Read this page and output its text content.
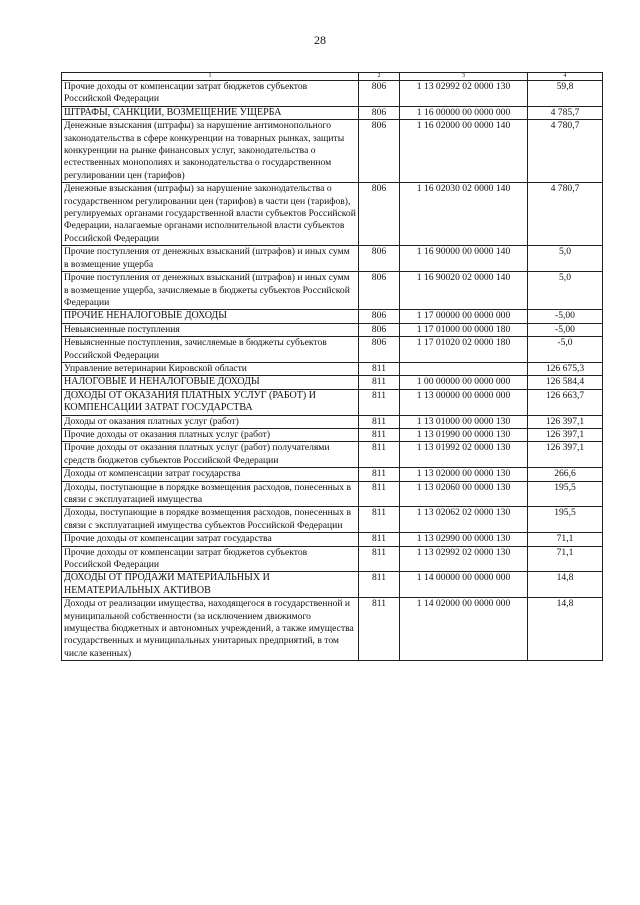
28
1	2	3	4
Прочие доходы от компенсации затрат бюджетов субъектов Российской Федерации	806	1 13 02992 02 0000 130	59,8
ШТРАФЫ, САНКЦИИ, ВОЗМЕЩЕНИЕ УЩЕРБА	806	1 16 00000 00 0000 000	4 785,7
Денежные взыскания (штрафы) за нарушение антимонопольного законодательства в сфере конкуренции на товарных рынках, защиты конкуренции на рынке финансовых услуг, законодательства о естественных монополиях и законодательства о государственном регулировании цен (тарифов)	806	1 16 02000 00 0000 140	4 780,7
Денежные взыскания (штрафы) за нарушение законодательства о государственном регулировании цен (тарифов) в части цен (тарифов), регулируемых органами государственной власти субъектов Российской Федерации, налагаемые органами исполнительной власти субъектов Российской Федерации	806	1 16 02030 02 0000 140	4 780,7
Прочие поступления от денежных взысканий (штрафов) и иных сумм в возмещение ущерба	806	1 16 90000 00 0000 140	5,0
Прочие поступления от денежных взысканий (штрафов) и иных сумм в возмещение ущерба, зачисляемые в бюджеты субъектов Российской Федерации	806	1 16 90020 02 0000 140	5,0
ПРОЧИЕ НЕНАЛОГОВЫЕ ДОХОДЫ	806	1 17 00000 00 0000 000	-5,00
Невыясненные поступления	806	1 17 01000 00 0000 180	-5,00
Невыясненные поступления, зачисляемые в бюджеты субъектов Российской Федерации	806	1 17 01020 02 0000 180	-5,0
Управление ветеринарии Кировской области	811		126 675,3
НАЛОГОВЫЕ И НЕНАЛОГОВЫЕ ДОХОДЫ	811	1 00 00000 00 0000 000	126 584,4
ДОХОДЫ ОТ ОКАЗАНИЯ ПЛАТНЫХ УСЛУГ (РАБОТ) И КОМПЕНСАЦИИ ЗАТРАТ ГОСУДАРСТВА	811	1 13 00000 00 0000 000	126 663,7
Доходы от оказания платных услуг (работ)	811	1 13 01000 00 0000 130	126 397,1
Прочие доходы от оказания платных услуг (работ)	811	1 13 01990 00 0000 130	126 397,1
Прочие доходы от оказания платных услуг (работ) получателями средств бюджетов субъектов Российской Федерации	811	1 13 01992 02 0000 130	126 397,1
Доходы от компенсации затрат государства	811	1 13 02000 00 0000 130	266,6
Доходы, поступающие в порядке возмещения расходов, понесенных в связи с эксплуатацией имущества	811	1 13 02060 00 0000 130	195,5
Доходы, поступающие в порядке возмещения расходов, понесенных в связи с эксплуатацией имущества субъектов Российской Федерации	811	1 13 02062 02 0000 130	195,5
Прочие доходы от компенсации затрат государства	811	1 13 02990 00 0000 130	71,1
Прочие доходы от компенсации затрат бюджетов субъектов Российской Федерации	811	1 13 02992 02 0000 130	71,1
ДОХОДЫ ОТ ПРОДАЖИ МАТЕРИАЛЬНЫХ И НЕМАТЕРИАЛЬНЫХ АКТИВОВ	811	1 14 00000 00 0000 000	14,8
Доходы от реализации имущества, находящегося в государственной и муниципальной собственности (за исключением движимого имущества бюджетных и автономных учреждений, а также имущества государственных и муниципальных унитарных предприятий, в том числе казенных)	811	1 14 02000 00 0000 000	14,8
